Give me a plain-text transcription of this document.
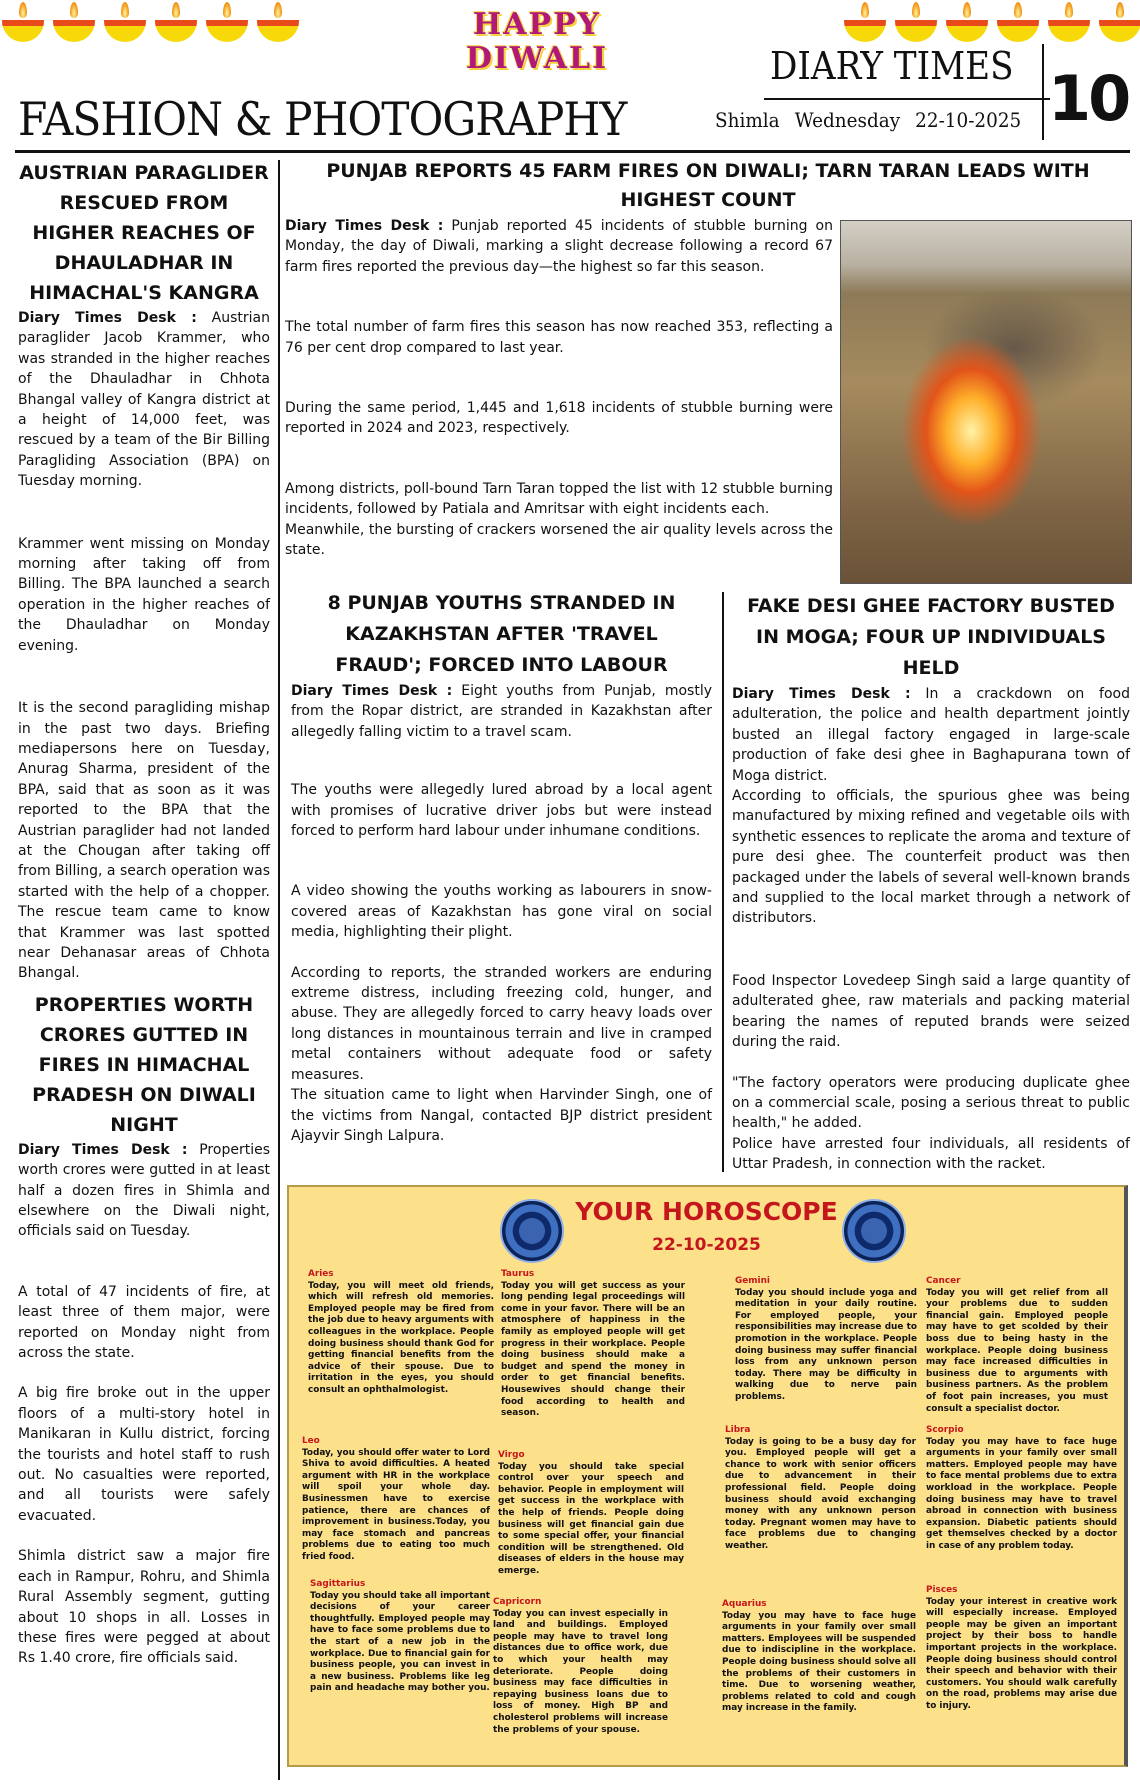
HAPPY DIWALI
FASHION & PHOTOGRAPHY
DIARY TIMES
Shimla Wednesday 22-10-2025 10
AUSTRIAN PARAGLIDER RESCUED FROM HIGHER REACHES OF DHAULADHAR IN HIMACHAL'S KANGRA

Diary Times Desk : Austrian paraglider Jacob Krammer, who was stranded in the higher reaches of the Dhauladhar in Chhota Bhangal valley of Kangra district at a height of 14,000 feet, was rescued by a team of the Bir Billing Paragliding Association (BPA) on Tuesday morning.

Krammer went missing on Monday morning after taking off from Billing. The BPA launched a search operation in the higher reaches of the Dhauladhar on Monday evening.

It is the second paragliding mishap in the past two days. Briefing mediapersons here on Tuesday, Anurag Sharma, president of the BPA, said that as soon as it was reported to the BPA that the Austrian paraglider had not landed at the Chougan after taking off from Billing, a search operation was started with the help of a chopper. The rescue team came to know that Krammer was last spotted near Dehanasar areas of Chhota Bhangal.

PROPERTIES WORTH CRORES GUTTED IN FIRES IN HIMACHAL PRADESH ON DIWALI NIGHT

Diary Times Desk : Properties worth crores were gutted in at least half a dozen fires in Shimla and elsewhere on the Diwali night, officials said on Tuesday.

A total of 47 incidents of fire, at least three of them major, were reported on Monday night from across the state.

A big fire broke out in the upper floors of a multi-story hotel in Manikaran in Kullu district, forcing the tourists and hotel staff to rush out. No casualties were reported, and all tourists were safely evacuated.

Shimla district saw a major fire each in Rampur, Rohru, and Shimla Rural Assembly segment, gutting about 10 shops in all. Losses in these fires were pegged at about Rs 1.40 crore, fire officials said.

PUNJAB REPORTS 45 FARM FIRES ON DIWALI; TARN TARAN LEADS WITH HIGHEST COUNT

Diary Times Desk : Punjab reported 45 incidents of stubble burning on Monday, the day of Diwali, marking a slight decrease following a record 67 farm fires reported the previous day—the highest so far this season.

The total number of farm fires this season has now reached 353, reflecting a 76 per cent drop compared to last year.

During the same period, 1,445 and 1,618 incidents of stubble burning were reported in 2024 and 2023, respectively.

Among districts, poll-bound Tarn Taran topped the list with 12 stubble burning incidents, followed by Patiala and Amritsar with eight incidents each.

Meanwhile, the bursting of crackers worsened the air quality levels across the state.

8 PUNJAB YOUTHS STRANDED IN KAZAKHSTAN AFTER 'TRAVEL FRAUD'; FORCED INTO LABOUR

Diary Times Desk : Eight youths from Punjab, mostly from the Ropar district, are stranded in Kazakhstan after allegedly falling victim to a travel scam.

The youths were allegedly lured abroad by a local agent with promises of lucrative driver jobs but were instead forced to perform hard labour under inhumane conditions.

A video showing the youths working as labourers in snow-covered areas of Kazakhstan has gone viral on social media, highlighting their plight.

According to reports, the stranded workers are enduring extreme distress, including freezing cold, hunger, and abuse. They are allegedly forced to carry heavy loads over long distances in mountainous terrain and live in cramped metal containers without adequate food or safety measures.

The situation came to light when Harvinder Singh, one of the victims from Nangal, contacted BJP district president Ajayvir Singh Lalpura.

FAKE DESI GHEE FACTORY BUSTED IN MOGA; FOUR UP INDIVIDUALS HELD

Diary Times Desk : In a crackdown on food adulteration, the police and health department jointly busted an illegal factory engaged in large-scale production of fake desi ghee in Baghapurana town of Moga district.

According to officials, the spurious ghee was being manufactured by mixing refined and vegetable oils with synthetic essences to replicate the aroma and texture of pure desi ghee. The counterfeit product was then packaged under the labels of several well-known brands and supplied to the local market through a network of distributors.

Food Inspector Lovedeep Singh said a large quantity of adulterated ghee, raw materials and packing material bearing the names of reputed brands were seized during the raid.

"The factory operators were producing duplicate ghee on a commercial scale, posing a serious threat to public health," he added.

Police have arrested four individuals, all residents of Uttar Pradesh, in connection with the racket.

YOUR HOROSCOPE
22-10-2025
Aries
Today, you will meet old friends, which will refresh old memories. Employed people may be fired from the job due to heavy arguments with colleagues in the workplace. People doing business should thank God for getting financial benefits from the advice of their spouse. Due to irritation in the eyes, you should consult an ophthalmologist.
Taurus
Today you will get success as your long pending legal proceedings will come in your favor. There will be an atmosphere of happiness in the family as employed people will get progress in their workplace. People doing business should make a budget and spend the money in order to get financial benefits. Housewives should change their food according to health and season.
Gemini
Today you should include yoga and meditation in your daily routine. For employed people, your responsibilities may increase due to promotion in the workplace. People doing business may suffer financial loss from any unknown person today. There may be difficulty in walking due to nerve pain problems.
Cancer
Today you will get relief from all your problems due to sudden financial gain. Employed people may have to get scolded by their boss due to being hasty in the workplace. People doing business may face increased difficulties in business due to arguments with business partners. As the problem of foot pain increases, you must consult a specialist doctor.
Leo
Today, you should offer water to Lord Shiva to avoid difficulties. A heated argument with HR in the workplace will spoil your whole day. Businessmen have to exercise patience, there are chances of improvement in business.Today, you may face stomach and pancreas problems due to eating too much fried food.
Virgo
Today you should take special control over your speech and behavior. People in employment will get success in the workplace with the help of friends. People doing business will get financial gain due to some special offer, your financial condition will be strengthened. Old diseases of elders in the house may emerge.
Libra
Today is going to be a busy day for you. Employed people will get a chance to work with senior officers due to advancement in their professional field. People doing business should avoid exchanging money with any unknown person today. Pregnant women may have to face problems due to changing weather.
Scorpio
Today you may have to face huge arguments in your family over small matters. Employed people may have to face mental problems due to extra workload in the workplace. People doing business may have to travel abroad in connection with business expansion. Diabetic patients should get themselves checked by a doctor in case of any problem today.
Sagittarius
Today you should take all important decisions of your career thoughtfully. Employed people may have to face some problems due to the start of a new job in the workplace. Due to financial gain for business people, you can invest in a new business. Problems like leg pain and headache may bother you.
Capricorn
Today you can invest especially in land and buildings. Employed people may have to travel long distances due to office work, due to which your health may deteriorate. People doing business may face difficulties in repaying business loans due to loss of money. High BP and cholesterol problems will increase the problems of your spouse.
Aquarius
Today you may have to face huge arguments in your family over small matters. Employees will be suspended due to indiscipline in the workplace. People doing business should solve all the problems of their customers in time. Due to worsening weather, problems related to cold and cough may increase in the family.
Pisces
Today your interest in creative work will especially increase. Employed people may be given an important project by their boss to handle important projects in the workplace. People doing business should control their speech and behavior with their customers. You should walk carefully on the road, problems may arise due to injury.
